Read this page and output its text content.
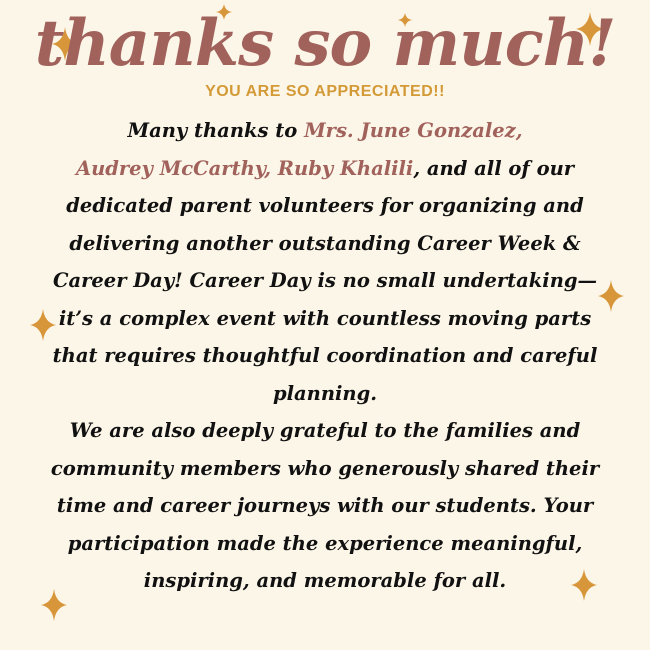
thanks so much!
YOU ARE SO APPRECIATED!!
Many thanks to Mrs. June Gonzalez,
Audrey McCarthy, Ruby Khalili, and all of our dedicated parent volunteers for organizing and delivering another outstanding Career Week & Career Day! Career Day is no small undertaking—it’s a complex event with countless moving parts that requires thoughtful coordination and careful planning.
We are also deeply grateful to the families and community members who generously shared their time and career journeys with our students. Your participation made the experience meaningful, inspiring, and memorable for all.
